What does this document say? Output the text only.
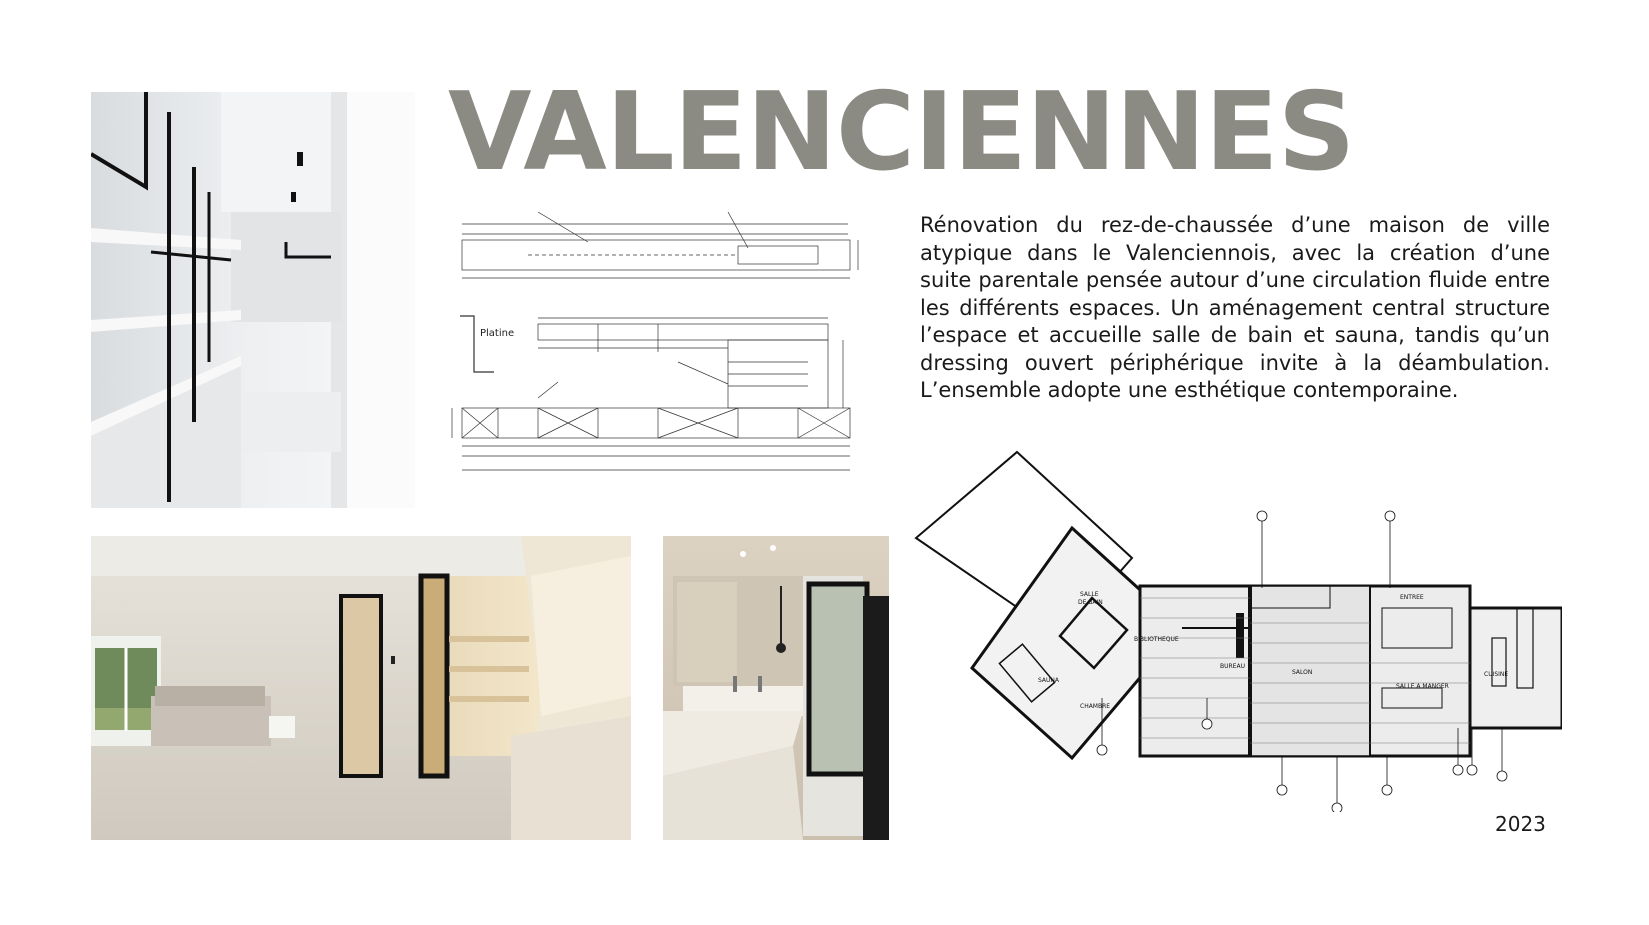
VALENCIENNES
Rénovation du rez-de-chaussée d’une maison de ville atypique dans le Valenciennois, avec la création d’une suite parentale pensée autour d’une circulation fluide entre les différents espaces. Un aménagement central structure l’espace et accueille salle de bain et sauna, tandis qu’un dressing ouvert périphérique invite à la déambulation. L’ensemble adopte une esthétique contemporaine.
Platine
SALLE
DE BAIN
SAUNA
CHAMBRE
BIBLIOTHEQUE
BUREAU
SALON
ENTREE
SALLE A MANGER
CUISINE
2023
